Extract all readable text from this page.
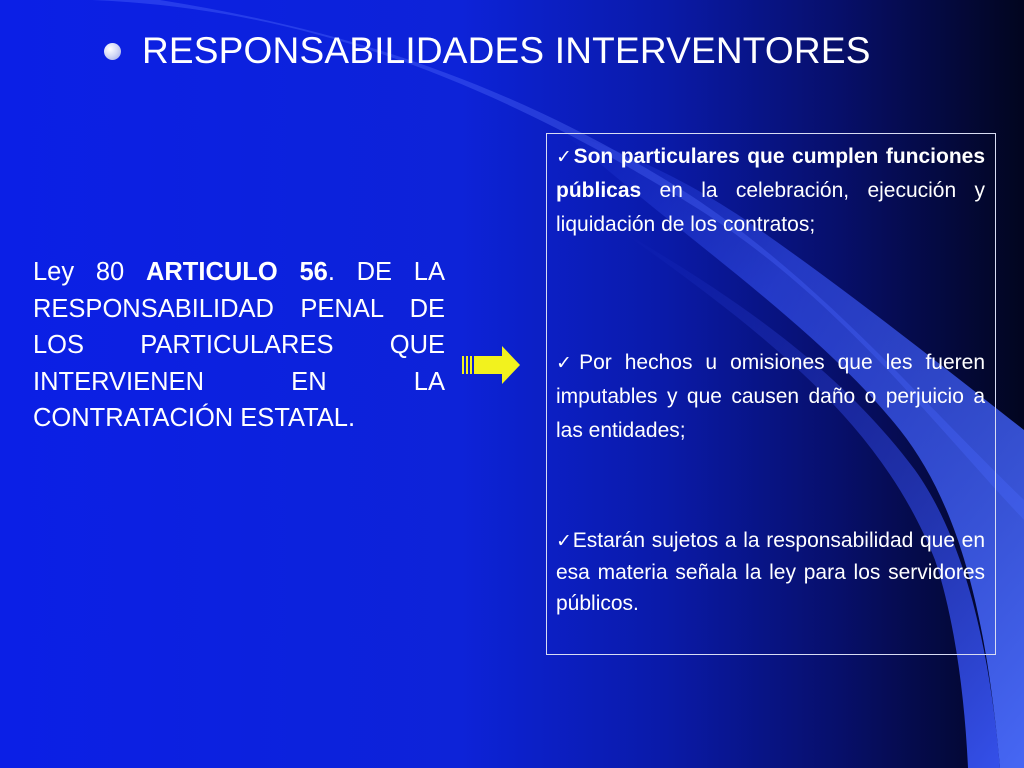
RESPONSABILIDADES INTERVENTORES
Ley 80 ARTICULO 56. DE LA RESPONSABILIDAD PENAL DE LOS PARTICULARES QUE INTERVIENEN EN LA CONTRATACIÓN ESTATAL.
✓Son particulares que cumplen funciones públicas en la celebración, ejecución y liquidación de los contratos;
✓Por hechos u omisiones que les fueren imputables y que causen daño o perjuicio a las entidades;
✓Estarán sujetos a la responsabilidad que en esa materia señala la ley para los servidores públicos.
